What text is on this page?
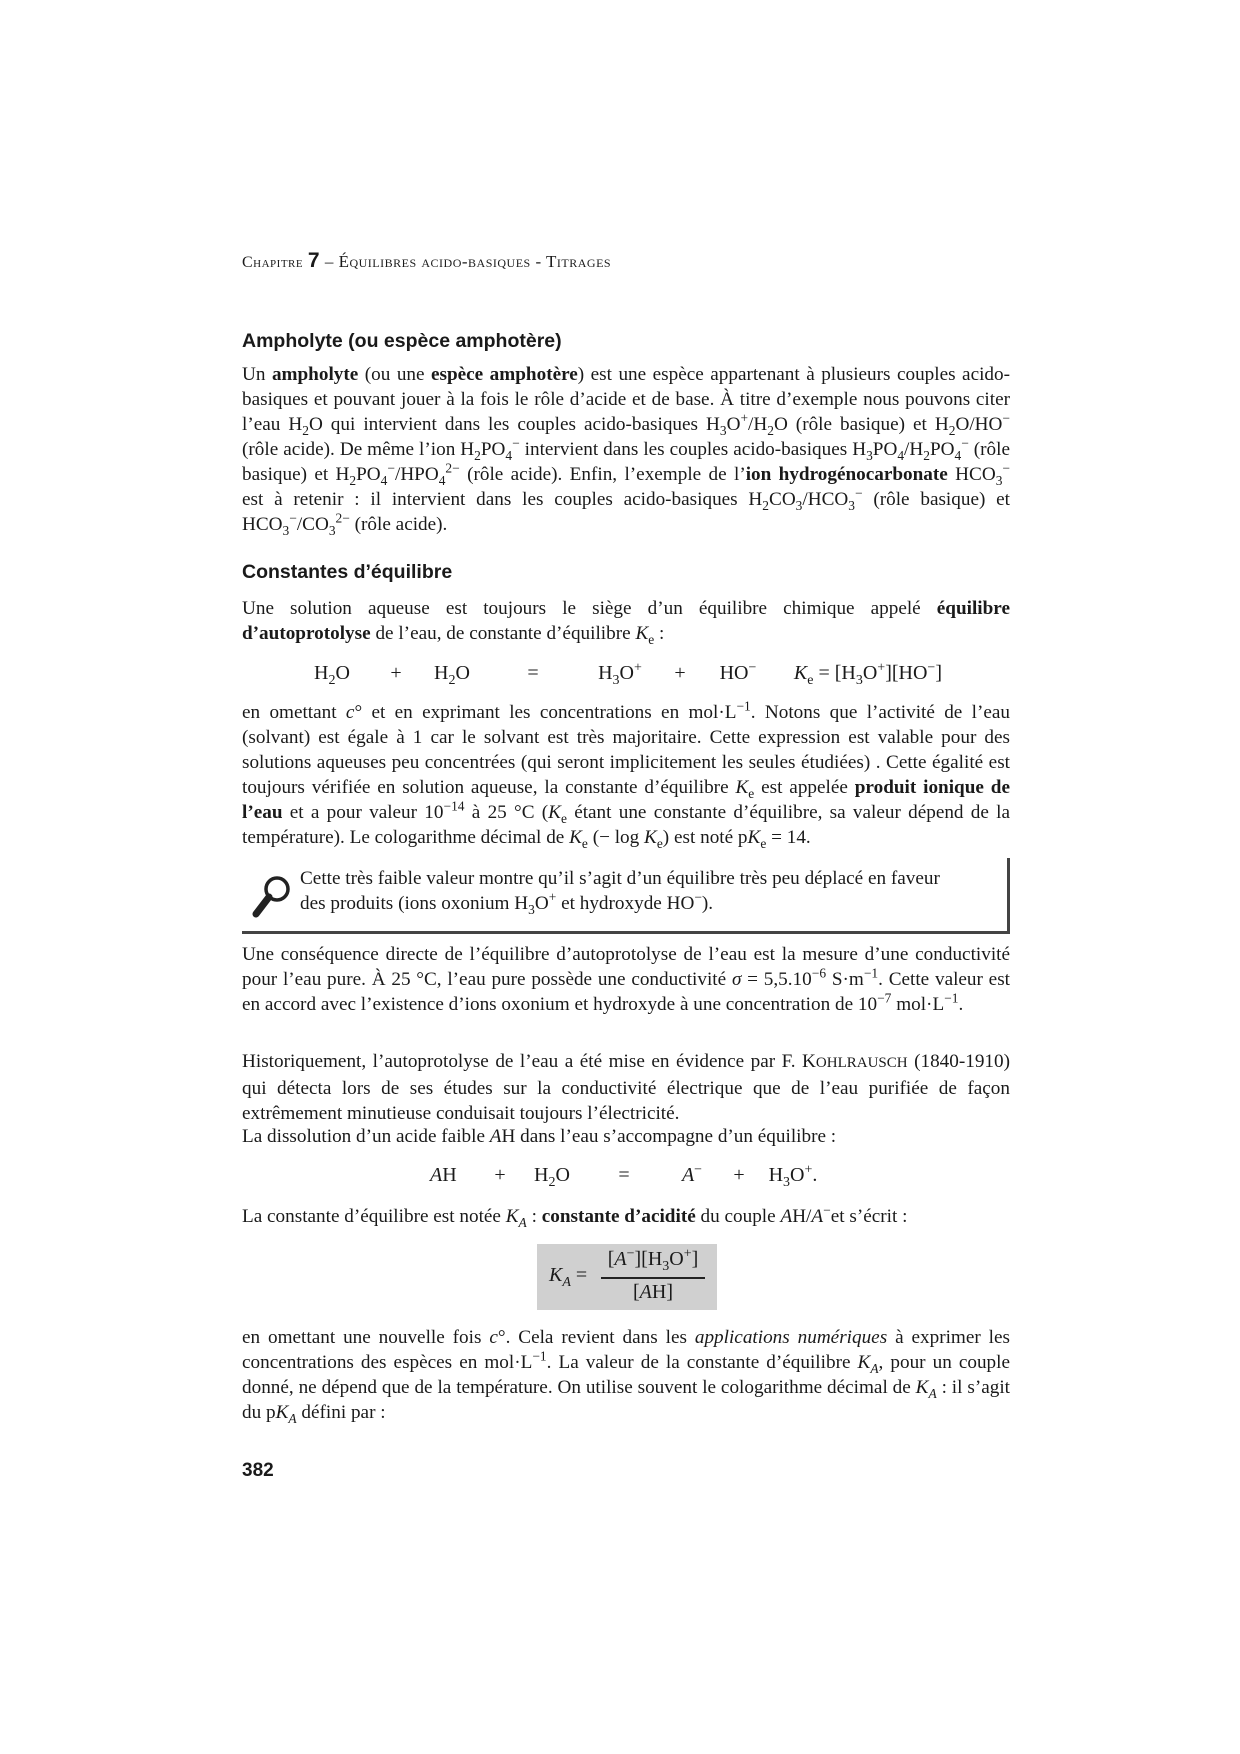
Chapitre 7 – Équilibres acido-basiques - Titrages
Ampholyte (ou espèce amphotère)
Un ampholyte (ou une espèce amphotère) est une espèce appartenant à plusieurs couples acido-basiques et pouvant jouer à la fois le rôle d’acide et de base. À titre d’exemple nous pouvons citer l’eau $H_2O$ qui intervient dans les couples acido-basiques $H_3O^+/H_2O$ (rôle basique) et $H_2O/HO^-$ (rôle acide). De même l’ion $H_2PO_4^-$ intervient dans les couples acido-basiques $H_3PO_4/H_2PO_4^-$ (rôle basique) et $H_2PO_4^-/HPO_4^{2-}$ (rôle acide). Enfin, l’exemple de l’ion hydrogénocarbonate $HCO_3^-$ est à retenir : il intervient dans les couples acido-basiques $H_2CO_3/HCO_3^-$ (rôle basique) et $HCO_3^-/CO_3^{2-}$ (rôle acide).
Constantes d’équilibre
Une solution aqueuse est toujours le siège d’un équilibre chimique appelé équilibre d’autoprotolyse de l’eau, de constante d’équilibre $K_e$ :
$H_2O + H_2O$	=	$H_3O^+ + HO^-$ $K_e = [H_3O^+][HO^-]$
en omettant c° et en exprimant les concentrations en $mol\cdot L^{-1}$. Notons que l’activité de l’eau (solvant) est égale à 1 car le solvant est très majoritaire. Cette expression est valable pour des solutions aqueuses peu concentrées (qui seront implicitement les seules étudiées) . Cette égalité est toujours vérifiée en solution aqueuse, la constante d’équilibre $K_e$ est appelée produit ionique de l’eau et a pour valeur $10^{-14}$ à 25 °C ($K_e$ étant une constante d’équilibre, sa valeur dépend de la température). Le cologarithme décimal de $K_e$ (− $\log K_e$) est noté $pK_e = 14$.
Cette très faible valeur montre qu’il s’agit d’un équilibre très peu déplacé en faveur
des produits (ions oxonium $H_3O^+$ et hydroxyde HO−).
Une conséquence directe de l’équilibre d’autoprotolyse de l’eau est la mesure d’une conductivité pour l’eau pure. À 25 °C, l’eau pure possède une conductivité $\sigma = 5,5.10^{-6}$ $S\cdot m^{-1}$. Cette valeur est en accord avec l’existence d’ions oxonium et hydroxyde à une concentration de $10^{-7}$ $mol\cdot L^{-1}$.
Historiquement, l’autoprotolyse de l’eau a été mise en évidence par F. KOHLRAUSCH (1840-1910) qui détecta lors de ses études sur la conductivité électrique que de l’eau purifiée de façon extrêmement minutieuse conduisait toujours l’électricité.
La dissolution d’un acide faible AH dans l’eau s’accompagne d’un équilibre :
AH + $H_2O$ =	$A^- + H_3O^+$.
La constante d’équilibre est notée $K_A$ : constante d’acidité du couple AH/A−et s’écrit :
$K_A$ =
$[A^-][H_3O^+]$
[AH]
en omettant une nouvelle fois c°. Cela revient dans les applications numériques à exprimer les concentrations des espèces en $mol\cdot L^{-1}$. La valeur de la constante d’équilibre $K_A$, pour un couple donné, ne dépend que de la température. On utilise souvent le cologarithme décimal de $K_A$ : il s’agit du $pK_A$ défini par :
382
